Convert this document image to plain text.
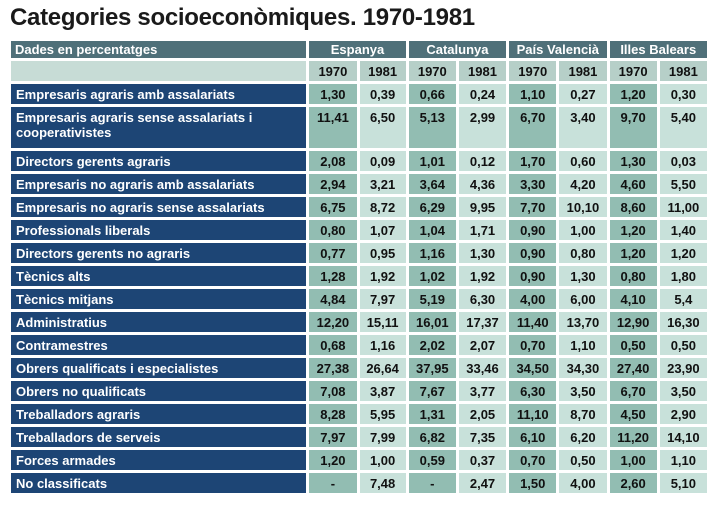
Categories socioeconòmiques. 1970-1981
Dades en percentatges	Espanya		Catalunya		País Valencià		Illes Balears	
	1970	1981	1970	1981	1970	1981	1970	1981
Empresaris agraris amb assalariats	1,30	0,39	0,66	0,24	1,10	0,27	1,20	0,30
Empresaris agraris sense assalariats i cooperativistes	11,41	6,50	5,13	2,99	6,70	3,40	9,70	5,40
Directors gerents agraris	2,08	0,09	1,01	0,12	1,70	0,60	1,30	0,03
Empresaris no agraris amb assalariats	2,94	3,21	3,64	4,36	3,30	4,20	4,60	5,50
Empresaris no agraris sense assalariats	6,75	8,72	6,29	9,95	7,70	10,10	8,60	11,00
Professionals liberals	0,80	1,07	1,04	1,71	0,90	1,00	1,20	1,40
Directors gerents no agraris	0,77	0,95	1,16	1,30	0,90	0,80	1,20	1,20
Tècnics alts	1,28	1,92	1,02	1,92	0,90	1,30	0,80	1,80
Tècnics mitjans	4,84	7,97	5,19	6,30	4,00	6,00	4,10	5,4
Administratius	12,20	15,11	16,01	17,37	11,40	13,70	12,90	16,30
Contramestres	0,68	1,16	2,02	2,07	0,70	1,10	0,50	0,50
Obrers qualificats i especialistes	27,38	26,64	37,95	33,46	34,50	34,30	27,40	23,90
Obrers no qualificats	7,08	3,87	7,67	3,77	6,30	3,50	6,70	3,50
Treballadors agraris	8,28	5,95	1,31	2,05	11,10	8,70	4,50	2,90
Treballadors de serveis	7,97	7,99	6,82	7,35	6,10	6,20	11,20	14,10
Forces armades	1,20	1,00	0,59	0,37	0,70	0,50	1,00	1,10
No classificats	-	7,48	-	2,47	1,50	4,00	2,60	5,10
